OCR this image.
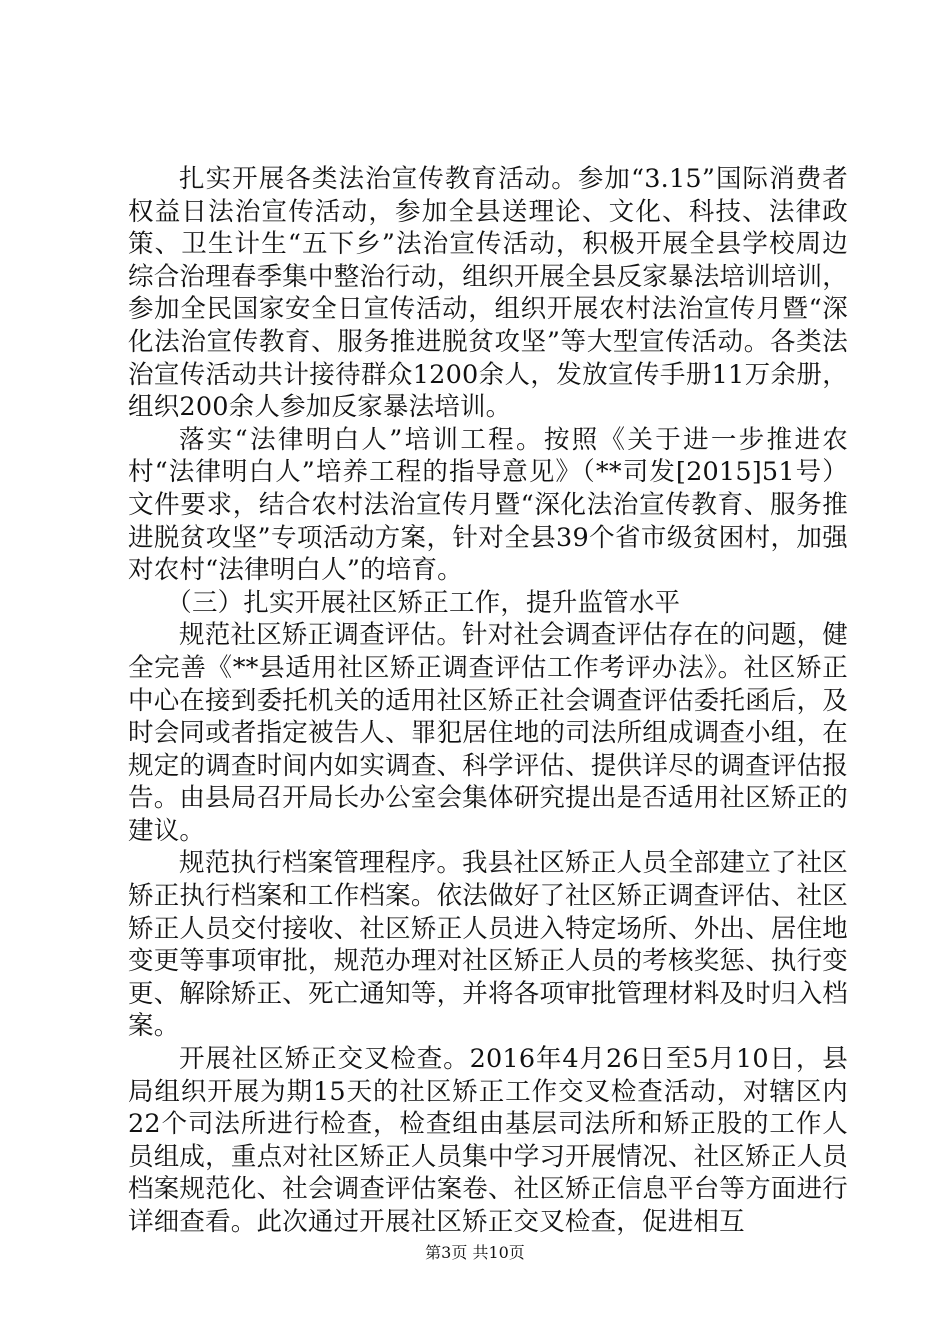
扎实开展各类法治宣传教育活动。参加“3.15”国际消费者权益日法治宣传活动，参加全县送理论、文化、科技、法律政策、卫生计生“五下乡”法治宣传活动，积极开展全县学校周边综合治理春季集中整治行动，组织开展全县反家暴法培训培训，参加全民国家安全日宣传活动，组织开展农村法治宣传月暨“深化法治宣传教育、服务推进脱贫攻坚”等大型宣传活动。各类法治宣传活动共计接待群众1200余人，发放宣传手册11万余册，组织200余人参加反家暴法培训。

落实“法律明白人”培训工程。按照《关于进一步推进农村“法律明白人”培养工程的指导意见》（**司发[2015]51号）文件要求，结合农村法治宣传月暨“深化法治宣传教育、服务推进脱贫攻坚”专项活动方案，针对全县39个省市级贫困村，加强对农村“法律明白人”的培育。

（三）扎实开展社区矫正工作，提升监管水平

规范社区矫正调查评估。针对社会调查评估存在的问题，健全完善《**县适用社区矫正调查评估工作考评办法》。社区矫正中心在接到委托机关的适用社区矫正社会调查评估委托函后，及时会同或者指定被告人、罪犯居住地的司法所组成调查小组，在规定的调查时间内如实调查、科学评估、提供详尽的调查评估报告。由县局召开局长办公室会集体研究提出是否适用社区矫正的建议。

规范执行档案管理程序。我县社区矫正人员全部建立了社区矫正执行档案和工作档案。依法做好了社区矫正调查评估、社区矫正人员交付接收、社区矫正人员进入特定场所、外出、居住地变更等事项审批，规范办理对社区矫正人员的考核奖惩、执行变更、解除矫正、死亡通知等，并将各项审批管理材料及时归入档案。

开展社区矫正交叉检查。2016年4月26日至5月10日，县局组织开展为期15天的社区矫正工作交叉检查活动，对辖区内22个司法所进行检查，检查组由基层司法所和矫正股的工作人员组成，重点对社区矫正人员集中学习开展情况、社区矫正人员档案规范化、社会调查评估案卷、社区矫正信息平台等方面进行详细查看。此次通过开展社区矫正交叉检查，促进相互

第3页 共10页
